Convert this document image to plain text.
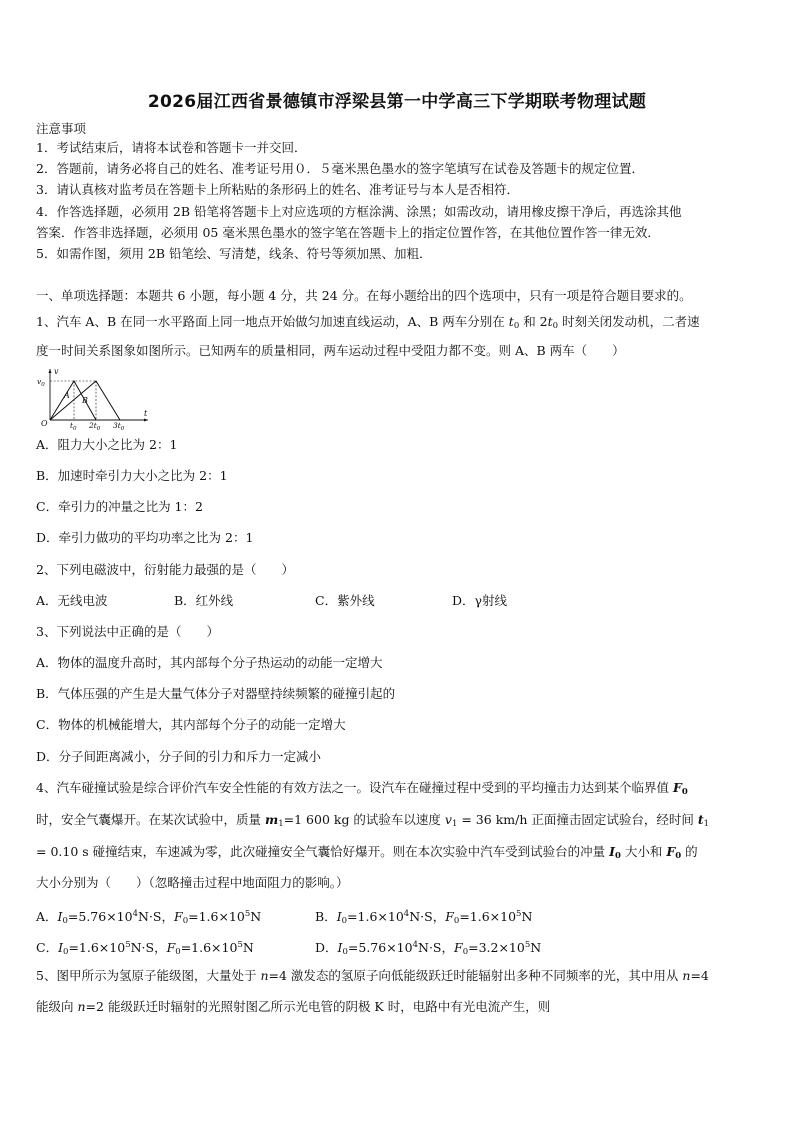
2026届江西省景德镇市浮梁县第一中学高三下学期联考物理试题
注意事项
1．考试结束后，请将本试卷和答题卡一并交回．
2．答题前，请务必将自己的姓名、准考证号用０．５毫米黑色墨水的签字笔填写在试卷及答题卡的规定位置．
3．请认真核对监考员在答题卡上所粘贴的条形码上的姓名、准考证号与本人是否相符．
4．作答选择题，必须用 2B 铅笔将答题卡上对应选项的方框涂满、涂黑；如需改动，请用橡皮擦干净后，再选涂其他
答案．作答非选择题，必须用 05 毫米黑色墨水的签字笔在答题卡上的指定位置作答，在其他位置作答一律无效．
5．如需作图，须用 2B 铅笔绘、写清楚，线条、符号等须加黑、加粗．
一、单项选择题：本题共 6 小题，每小题 4 分，共 24 分。在每小题给出的四个选项中，只有一项是符合题目要求的。
1、汽车 A、B 在同一水平路面上同一地点开始做匀加速直线运动，A、B 两车分别在 $t_0$ 和 $2t_0$ 时刻关闭发动机，二者速
度一时间关系图象如图所示。已知两车的质量相同，两车运动过程中受阻力都不变。则 A、B 两车（　　）
v
$v_0$
O
t
A
B
$t_0$ $2t_0$ $3t_0$
A．阻力大小之比为 2：1
B．加速时牵引力大小之比为 2：1
C．牵引力的冲量之比为 1：2
D．牵引力做功的平均功率之比为 2：1
2、下列电磁波中，衍射能力最强的是（　　）
A．无线电波	B．红外线	C．紫外线	D．γ射线
3、下列说法中正确的是（　　）
A．物体的温度升高时，其内部每个分子热运动的动能一定增大
B．气体压强的产生是大量气体分子对器壁持续频繁的碰撞引起的
C．物体的机械能增大，其内部每个分子的动能一定增大
D．分子间距离减小，分子间的引力和斥力一定减小
4、汽车碰撞试验是综合评价汽车安全性能的有效方法之一。设汽车在碰撞过程中受到的平均撞击力达到某个临界值 $F_0$
时，安全气囊爆开。在某次试验中，质量 $m_1=1$ 600 kg 的试验车以速度 $v_1 = 36$ km/h 正面撞击固定试验台，经时间 $t_1$
= 0.10 s 碰撞结束，车速减为零，此次碰撞安全气囊恰好爆开。则在本次实验中汽车受到试验台的冲量 $I_0$ 大小和 $F_0$ 的
大小分别为（　　）（忽略撞击过程中地面阻力的影响。）
A．$I_0=5.76\times 10^4N\cdot S$，$F_0=1.6\times 10^5N$	B．$I_0=1.6\times 10^4N\cdot S$，$F_0=1.6\times 10^5N$
C．$I_0=1.6\times 10^5N\cdot S$，$F_0=1.6\times 10^5N$	D．$I_0=5.76\times 10^4N\cdot S$，$F_0=3.2\times 10^5N$
5、图甲所示为氢原子能级图，大量处于 n=4 激发态的氢原子向低能级跃迁时能辐射出多种不同频率的光，其中用从 n=4
能级向 n=2 能级跃迁时辐射的光照射图乙所示光电管的阴极 K 时，电路中有光电流产生，则
